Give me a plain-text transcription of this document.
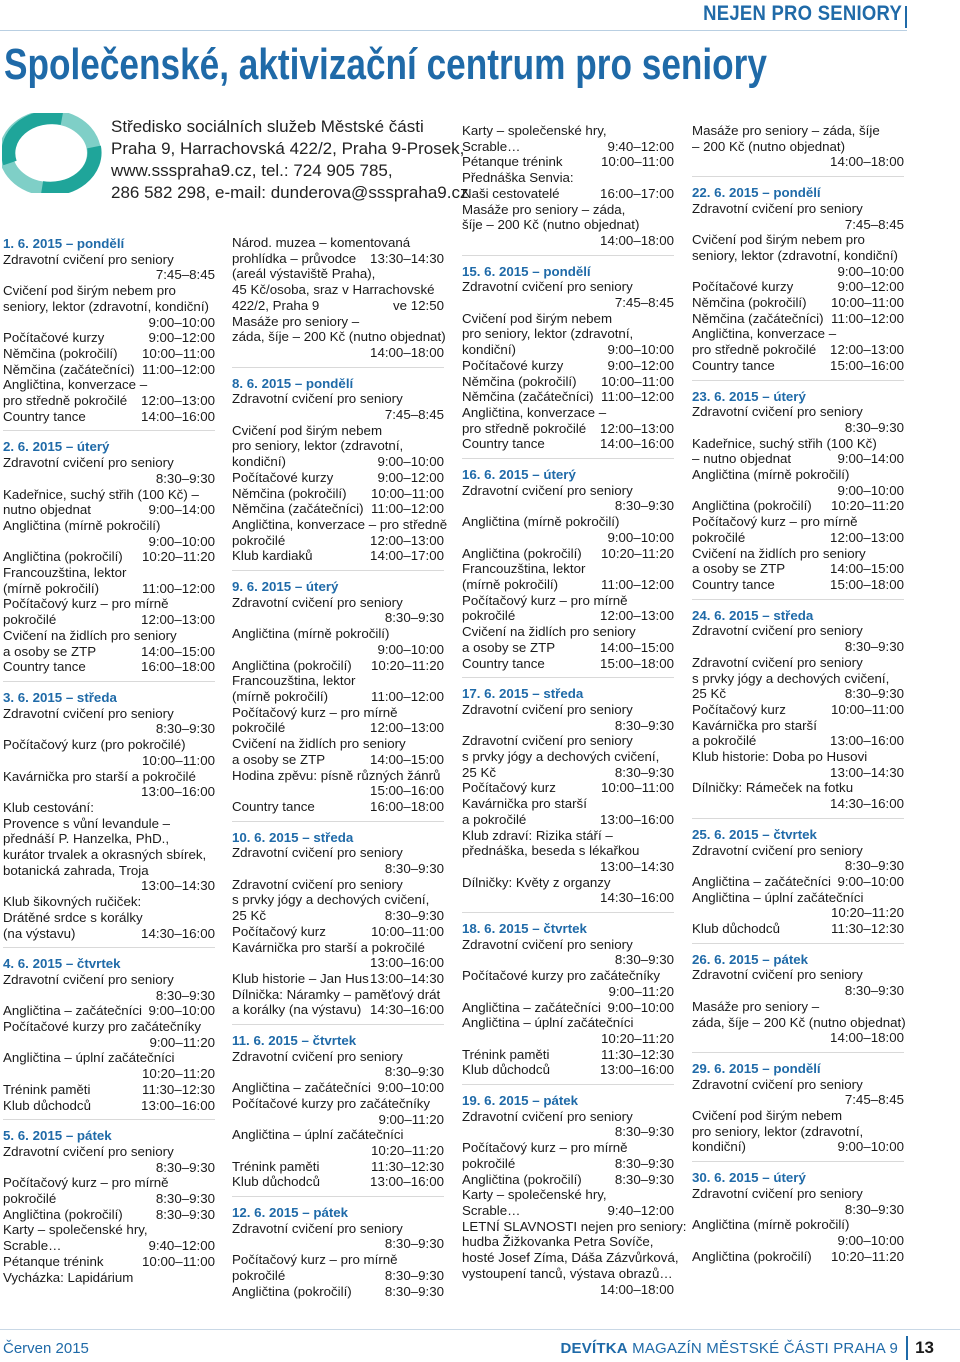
NEJEN PRO SENIORY
Společenské, aktivizační centrum pro seniory
Středisko sociálních služeb Městské části
Praha 9, Harrachovská 422/2, Praha 9-Prosek,
www.sssprahа9.cz, tel.: 724 905 785,
286 582 298, e-mail: dunderova@sssprahа9.cz
1. 6. 2015 – pondělí
Zdravotní cvičení pro seniory
7:45–8:45
Cvičení pod širým nebem pro
seniory, lektor (zdravotní, kondiční)
9:00–10:00
Počítačové kurzy	9:00–12:00
Němčina (pokročilí) 10:00–11:00
Němčina (začátečníci) 11:00–12:00
Angličtina, konverzace –
pro středně pokročilé 12:00–13:00
Country tance	14:00–16:00
2. 6. 2015 – úterý
Zdravotní cvičení pro seniory
8:30–9:30
Kadeřnice, suchý střih (100 Kč) –
nutno objednat	9:00–14:00
Angličtina (mírně pokročilí)
9:00–10:00
Angličtina (pokročilí) 10:20–11:20
Francouzština, lektor
(mírně pokročilí)	11:00–12:00
Počítačový kurz – pro mírně
pokročilé	12:00–13:00
Cvičení na židlích pro seniory
a osoby se ZTP	14:00–15:00
Country tance	16:00–18:00
3. 6. 2015 – středa
Zdravotní cvičení pro seniory
8:30–9:30
Počítačový kurz (pro pokročilé)
10:00–11:00
Kavárnička pro starší a pokročilé
13:00–16:00
Klub cestování:
Provence s vůní levandule –
přednáší P. Hanzelka, PhD.,
kurátor trvalek a okrasných sbírek,
botanická zahrada, Troja
13:00–14:30
Klub šikovných ručiček:
Drátěné srdce s korálky
(na výstavu)	14:30–16:00
4. 6. 2015 – čtvrtek
Zdravotní cvičení pro seniory
8:30–9:30
Angličtina – začátečníci 9:00–10:00
Počítačové kurzy pro začátečníky
9:00–11:20
Angličtina – úplní začátečníci
10:20–11:20
Trénink paměti	11:30–12:30
Klub důchodců	13:00–16:00
5. 6. 2015 – pátek
Zdravotní cvičení pro seniory
8:30–9:30
Počítačový kurz – pro mírně
pokročilé	8:30–9:30
Angličtina (pokročilí) 8:30–9:30
Karty – společenské hry,
Scrable…	9:40–12:00
Pétanque trénink	10:00–11:00
Vycházka: Lapidárium
Národ. muzea – komentovaná
prohlídka – průvodce 13:30–14:30
(areál výstaviště Praha),
45 Kč/osoba, sraz v Harrachovské
422/2, Praha 9	ve 12:50
Masáže pro seniory –
záda, šíje – 200 Kč (nutno objednat)
14:00–18:00
8. 6. 2015 – pondělí
Zdravotní cvičení pro seniory
7:45–8:45
Cvičení pod širým nebem
pro seniory, lektor (zdravotní,
kondiční)	9:00–10:00
Počítačové kurzy	9:00–12:00
Němčina (pokročilí) 10:00–11:00
Němčina (začátečníci) 11:00–12:00
Angličtina, konverzace – pro středně
pokročilé	12:00–13:00
Klub kardiaků	14:00–17:00
9. 6. 2015 – úterý
Zdravotní cvičení pro seniory
8:30–9:30
Angličtina (mírně pokročilí)
9:00–10:00
Angličtina (pokročilí) 10:20–11:20
Francouzština, lektor
(mírně pokročilí)	11:00–12:00
Počítačový kurz – pro mírně
pokročilé	12:00–13:00
Cvičení na židlích pro seniory
a osoby se ZTP	14:00–15:00
Hodina zpěvu: písně různých žánrů
15:00–16:00
Country tance	16:00–18:00
10. 6. 2015 – středa
Zdravotní cvičení pro seniory
8:30–9:30
Zdravotní cvičení pro seniory
s prvky jógy a dechových cvičení,
25 Kč	8:30–9:30
Počítačový kurz	10:00–11:00
Kavárnička pro starší a pokročilé
13:00–16:00
Klub historie – Jan Hus 13:00–14:30
Dílnička: Náramky – paměťový drát
a korálky (na výstavu) 14:30–16:00
11. 6. 2015 – čtvrtek
Zdravotní cvičení pro seniory
8:30–9:30
Angličtina – začátečníci 9:00–10:00
Počítačové kurzy pro začátečníky
9:00–11:20
Angličtina – úplní začátečníci
10:20–11:20
Trénink paměti	11:30–12:30
Klub důchodců	13:00–16:00
12. 6. 2015 – pátek
Zdravotní cvičení pro seniory
8:30–9:30
Počítačový kurz – pro mírně
pokročilé	8:30–9:30
Angličtina (pokročilí) 8:30–9:30
Karty – společenské hry,
Scrable…	9:40–12:00
Pétanque trénink	10:00–11:00
Přednáška Senvia:
Naši cestovatelé	16:00–17:00
Masáže pro seniory – záda,
šíje – 200 Kč (nutno objednat)
14:00–18:00
15. 6. 2015 – pondělí
Zdravotní cvičení pro seniory
7:45–8:45
Cvičení pod širým nebem
pro seniory, lektor (zdravotní,
kondiční)	9:00–10:00
Počítačové kurzy	9:00–12:00
Němčina (pokročilí) 10:00–11:00
Němčina (začátečníci) 11:00–12:00
Angličtina, konverzace –
pro středně pokročilé 12:00–13:00
Country tance	14:00–16:00
16. 6. 2015 – úterý
Zdravotní cvičení pro seniory
8:30–9:30
Angličtina (mírně pokročilí)
9:00–10:00
Angličtina (pokročilí) 10:20–11:20
Francouzština, lektor
(mírně pokročilí)	11:00–12:00
Počítačový kurz – pro mírně
pokročilé	12:00–13:00
Cvičení na židlích pro seniory
a osoby se ZTP	14:00–15:00
Country tance	15:00–18:00
17. 6. 2015 – středa
Zdravotní cvičení pro seniory
8:30–9:30
Zdravotní cvičení pro seniory
s prvky jógy a dechových cvičení,
25 Kč	8:30–9:30
Počítačový kurz	10:00–11:00
Kavárnička pro starší
a pokročilé	13:00–16:00
Klub zdraví: Rizika stáří –
přednáška, beseda s lékařkou
13:00–14:30
Dílničky: Květy z organzy
14:30–16:00
18. 6. 2015 – čtvrtek
Zdravotní cvičení pro seniory
8:30–9:30
Počítačové kurzy pro začátečníky
9:00–11:20
Angličtina – začátečníci 9:00–10:00
Angličtina – úplní začátečníci
10:20–11:20
Trénink paměti	11:30–12:30
Klub důchodců	13:00–16:00
19. 6. 2015 – pátek
Zdravotní cvičení pro seniory
8:30–9:30
Počítačový kurz – pro mírně
pokročilé	8:30–9:30
Angličtina (pokročilí) 8:30–9:30
Karty – společenské hry,
Scrable…	9:40–12:00
LETNÍ SLAVNOSTI nejen pro seniory:
hudba Žižkovanka Petra Sovíče,
hosté Josef Zíma, Dáša Zázvůrková,
vystoupení tanců, výstava obrazů…
14:00–18:00
Masáže pro seniory – záda, šíje
– 200 Kč (nutno objednat)
14:00–18:00
22. 6. 2015 – pondělí
Zdravotní cvičení pro seniory
7:45–8:45
Cvičení pod širým nebem pro
seniory, lektor (zdravotní, kondiční)
9:00–10:00
Počítačové kurzy	9:00–12:00
Němčina (pokročilí) 10:00–11:00
Němčina (začátečníci) 11:00–12:00
Angličtina, konverzace –
pro středně pokročilé 12:00–13:00
Country tance	15:00–16:00
23. 6. 2015 – úterý
Zdravotní cvičení pro seniory
8:30–9:30
Kadeřnice, suchý střih (100 Kč)
– nutno objednat	9:00–14:00
Angličtina (mírně pokročilí)
9:00–10:00
Angličtina (pokročilí) 10:20–11:20
Počítačový kurz – pro mírně
pokročilé	12:00–13:00
Cvičení na židlích pro seniory
a osoby se ZTP	14:00–15:00
Country tance	15:00–18:00
24. 6. 2015 – středa
Zdravotní cvičení pro seniory
8:30–9:30
Zdravotní cvičení pro seniory
s prvky jógy a dechových cvičení,
25 Kč	8:30–9:30
Počítačový kurz	10:00–11:00
Kavárnička pro starší
a pokročilé	13:00–16:00
Klub historie: Doba po Husovi
13:00–14:30
Dílničky: Rámeček na fotku
14:30–16:00
25. 6. 2015 – čtvrtek
Zdravotní cvičení pro seniory
8:30–9:30
Angličtina – začátečníci 9:00–10:00
Angličtina – úplní začátečníci
10:20–11:20
Klub důchodců	11:30–12:30
26. 6. 2015 – pátek
Zdravotní cvičení pro seniory
8:30–9:30
Masáže pro seniory –
záda, šíje – 200 Kč (nutno objednat)
14:00–18:00
29. 6. 2015 – pondělí
Zdravotní cvičení pro seniory
7:45–8:45
Cvičení pod širým nebem
pro seniory, lektor (zdravotní,
kondiční)	9:00–10:00
30. 6. 2015 – úterý
Zdravotní cvičení pro seniory
8:30–9:30
Angličtina (mírně pokročilí)
9:00–10:00
Angličtina (pokročilí) 10:20–11:20
Červen 2015	DEVÍTKA MAGAZÍN MĚSTSKÉ ČÁSTI PRAHA 9 13
